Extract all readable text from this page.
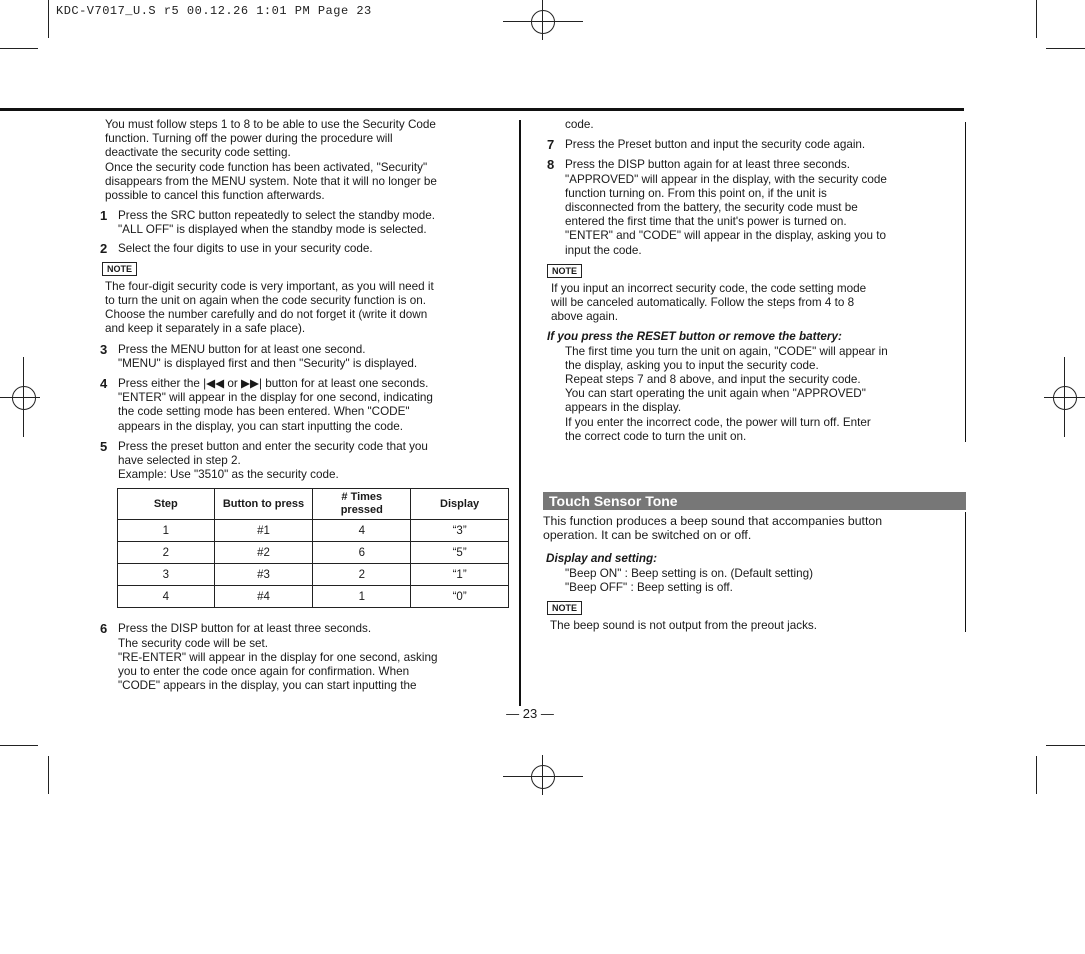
KDC-V7017_U.S r5 00.12.26 1:01 PM Page 23
You must follow steps 1 to 8 to be able to use the Security Code
function. Turning off the power during the procedure will
deactivate the security code setting.
Once the security code function has been activated, "Security"
disappears from the MENU system. Note that it will no longer be
possible to cancel this function afterwards.
1 Press the SRC button repeatedly to select the standby mode.
"ALL OFF" is displayed when the standby mode is selected.
2 Select the four digits to use in your security code.
NOTE
The four-digit security code is very important, as you will need it
to turn the unit on again when the code security function is on.
Choose the number carefully and do not forget it (write it down
and keep it separately in a safe place).
3 Press the MENU button for at least one second.
"MENU" is displayed first and then "Security" is displayed.
4 Press either the |◀◀ or ▶▶| button for at least one seconds.
"ENTER" will appear in the display for one second, indicating
the code setting mode has been entered. When "CODE"
appears in the display, you can start inputting the code.
5 Press the preset button and enter the security code that you
have selected in step 2.
Example: Use "3510" as the security code.
Step	Button to press	# Times pressed	Display
1	#1	4	“3”
2	#2	6	“5”
3	#3	2	“1”
4	#4	1	“0”
6 Press the DISP button for at least three seconds.
The security code will be set.
"RE-ENTER" will appear in the display for one second, asking
you to enter the code once again for confirmation. When
"CODE" appears in the display, you can start inputting the
code.
7 Press the Preset button and input the security code again.
8 Press the DISP button again for at least three seconds.
"APPROVED" will appear in the display, with the security code
function turning on. From this point on, if the unit is
disconnected from the battery, the security code must be
entered the first time that the unit's power is turned on.
"ENTER" and "CODE" will appear in the display, asking you to
input the code.
NOTE
If you input an incorrect security code, the code setting mode
will be canceled automatically. Follow the steps from 4 to 8
above again.
If you press the RESET button or remove the battery:
The first time you turn the unit on again, "CODE" will appear in
the display, asking you to input the security code.
Repeat steps 7 and 8 above, and input the security code.
You can start operating the unit again when "APPROVED"
appears in the display.
If you enter the incorrect code, the power will turn off. Enter
the correct code to turn the unit on.
Touch Sensor Tone
This function produces a beep sound that accompanies button
operation. It can be switched on or off.
Display and setting:
"Beep ON" : Beep setting is on. (Default setting)
"Beep OFF" : Beep setting is off.
NOTE
The beep sound is not output from the preout jacks.
— 23 —
